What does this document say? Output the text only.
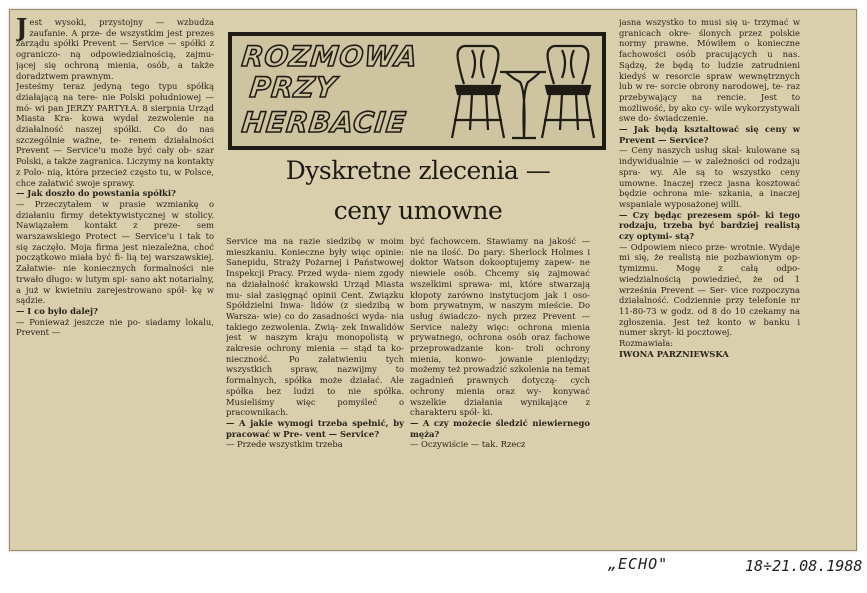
J est wysoki, przystojny — wzbudza zaufanie. A prze- de wszystkim jest prezes zarządu spółki Prevent — Service — spółki z ograniczo- ną odpowiedzialnością, zajmu- jącej się ochroną mienia, osób, a także doradztwem prawnym.

Jesteśmy teraz jedyną tego typu spółką działającą na tere- nie Polski południowej — mó- wi pan JERZY PARTYŁA. 8 sierpnia Urząd Miasta Kra- kowa wydał zezwolenie na działalność naszej spółki. Co do nas szczególnie ważne, te- renem działalności Prevent — Service'u może być cały ob- szar Polski, a także zagranica. Liczymy na kontakty z Polo- nią, która przecież często tu, w Polsce, chce załatwić swoje sprawy.

— Jak doszło do powstania spółki?

— Przeczytałem w prasie wzmiankę o działaniu firmy detektywistycznej w stolicy. Nawiązałem kontakt z preze- sem warszawskiego Protect — Service'u i tak to się zaczęło. Moja firma jest niezależna, choć początkowo miała być fi- lią tej warszawskiej. Załatwie- nie koniecznych formalności nie trwało długo: w lutym spi- sano akt notarialny, a już w kwietniu zarejestrowano spół- kę w sądzie.

— I co było dalej?

— Ponieważ jeszcze nie po- siadamy lokalu, Prevent —

ROZMOWA
PRZY
HERBACIE
Dyskretne zlecenia —
ceny umowne

Service ma na razie siedzibę w moim mieszkaniu. Konieczne były więc opinie: Sanepidu, Straży Pożarnej i Państwowej Inspekcji Pracy. Przed wyda- niem zgody na działalność krakowski Urząd Miasta mu- siał zasięgnąć opinii Cent. Związku Spółdzielni Inwa- lidów (z siedzibą w Warsza- wie) co do zasadności wyda- nia takiego zezwolenia. Zwią- zek Inwalidów jest w naszym kraju monopolistą w zakresie ochrony mienia — stąd ta ko- nieczność. Po załatwieniu tych wszystkich spraw, nazwijmy to formalnych, spółka może działać. Ale spółka bez ludzi to nie spółka. Musieliśmy więc pomyśleć o pracownikach.

— A jakie wymogi trzeba spełnić, by pracować w Pre- vent — Service?

— Przede wszystkim trzeba

być fachowcem. Stawiamy na jakość — nie na ilość. Do pary: Sherlock Holmes i doktor Watson dokooptujemy zapew- ne niewiele osób. Chcemy się zajmować wszelkimi sprawa- mi, które stwarzają kłopoty zarówno instytucjom jak i oso- bom prywatnym, w naszym mieście. Do usług świadczo- nych przez Prevent — Service należy więc: ochrona mienia prywatnego, ochrona osób oraz fachowe przeprowadzanie kon- troli ochrony mienia, konwo- jowanie pieniędzy; możemy też prowadzić szkolenia na temat zagadnień prawnych dotyczą- cych ochrony mienia oraz wy- konywać wszelkie działania wynikające z charakteru spół- ki.

— A czy możecie śledzić niewiernego męża?

— Oczywiście — tak. Rzecz

jasna wszystko to musi się u- trzymać w granicach okre- ślonych przez polskie normy prawne. Mówiłem o konieczne fachowości osób pracujących u nas. Sądzę, że będą to ludzie zatrudnieni kiedyś w resorcie spraw wewnętrznych lub w re- sorcie obrony narodowej, te- raz przebywający na rencie. Jest to możliwość, by ako cy- wile wykorzystywali swe do- świadczenie.

— Jak będą kształtować się ceny w Prevent — Service?

— Ceny naszych usług skal- kulowane są indywidualnie — w zależności od rodzaju spra- wy. Ale są to wszystko ceny umowne. Inaczej rzecz jasna kosztować będzie ochrona mie- szkania, a inaczej wspaniale wyposażonej willi.

— Czy będąc prezesem spół- ki tego rodzaju, trzeba być bardziej realistą czy optymi- stą?

— Odpowiem nieco prze- wrotnie. Wydaje mi się, że realistą nie pozbawionym op- tymizmu. Mogę z całą odpo- wiedzialnością powiedzieć, że od 1 września Prevent — Ser- vice rozpoczyna działalność. Codziennie przy telefonie nr 11-80-73 w godz. od 8 do 10 czekamy na zgłoszenia. Jest też konto w banku i numer skryt- ki pocztowej.

Rozmawiała:

IWONA PARZNIEWSKA

„ECHO"	18÷21.08.1988
